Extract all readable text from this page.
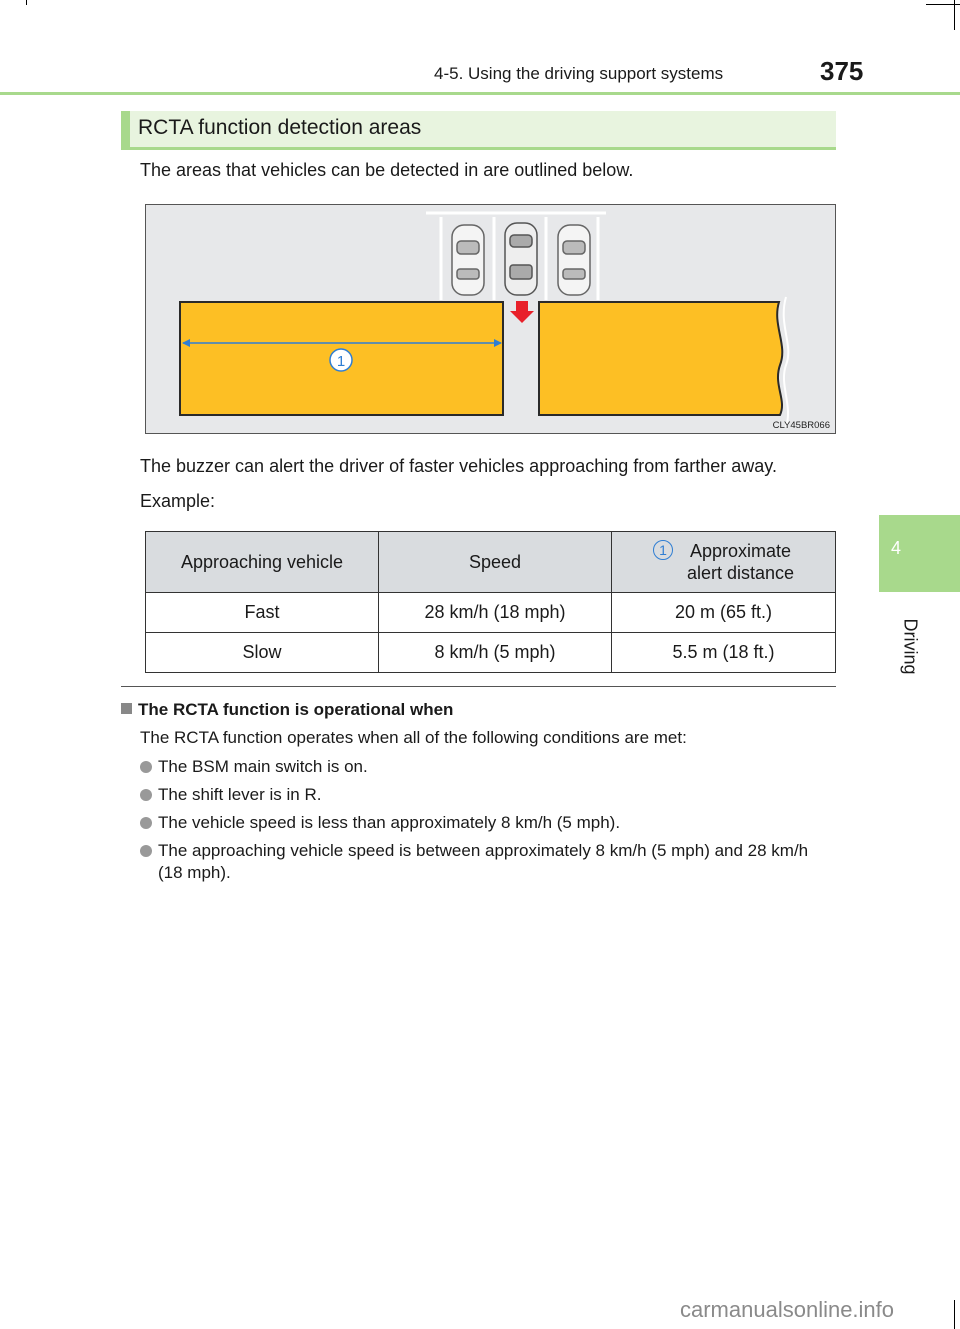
4-5. Using the driving support systems	375
4
Driving
RCTA function detection areas
The areas that vehicles can be detected in are outlined below.
1
CLY45BR066
The buzzer can alert the driver of faster vehicles approaching from farther away.
Example:
Approaching vehicle	Speed	1 Approximate
alert distance

Fast	28 km/h (18 mph)	20 m (65 ft.)
Slow	8 km/h (5 mph)	5.5 m (18 ft.)
The RCTA function is operational when
The RCTA function operates when all of the following conditions are met:
The BSM main switch is on.
The shift lever is in R.
The vehicle speed is less than approximately 8 km/h (5 mph).
The approaching vehicle speed is between approximately 8 km/h (5 mph) and 28 km/h (18 mph).
carmanualsonline.info
